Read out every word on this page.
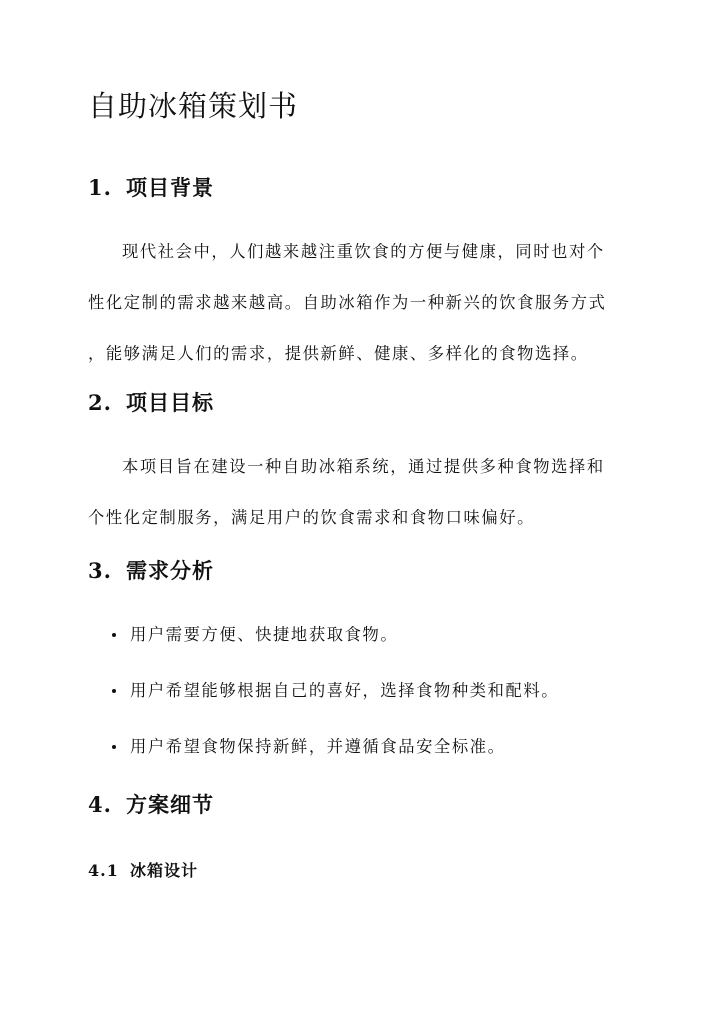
自助冰箱策划书
1. 项目背景

现代社会中，人们越来越注重饮食的方便与健康，同时也对个
性化定制的需求越来越高。自助冰箱作为一种新兴的饮食服务方式
，能够满足人们的需求，提供新鲜、健康、多样化的食物选择。

2. 项目目标

本项目旨在建设一种自助冰箱系统，通过提供多种食物选择和
个性化定制服务，满足用户的饮食需求和食物口味偏好。

3. 需求分析
用户需要方便、快捷地获取食物。
用户希望能够根据自己的喜好，选择食物种类和配料。
用户希望食物保持新鲜，并遵循食品安全标准。
4. 方案细节
4.1 冰箱设计
